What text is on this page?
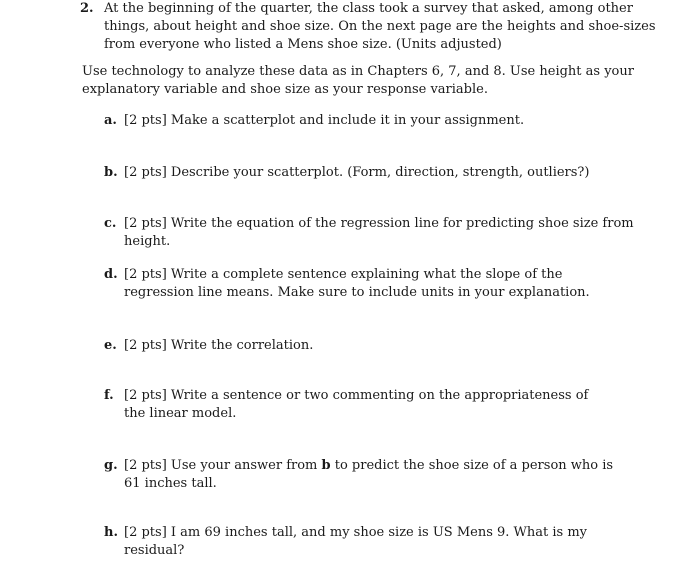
2. At the beginning of the quarter, the class took a survey that asked, among other things, about height and shoe size. On the next page are the heights and shoe-sizes from everyone who listed a Mens shoe size. (Units adjusted)
Use technology to analyze these data as in Chapters 6, 7, and 8. Use height as your explanatory variable and shoe size as your response variable.
a. [2 pts] Make a scatterplot and include it in your assignment.
b. [2 pts] Describe your scatterplot. (Form, direction, strength, outliers?)
c. [2 pts] Write the equation of the regression line for predicting shoe size from height.
d. [2 pts] Write a complete sentence explaining what the slope of the regression line means. Make sure to include units in your explanation.
e. [2 pts] Write the correlation.
f. [2 pts] Write a sentence or two commenting on the appropriateness of the linear model.
g. [2 pts] Use your answer from b to predict the shoe size of a person who is 61 inches tall.
h. [2 pts] I am 69 inches tall, and my shoe size is US Mens 9. What is my residual?
